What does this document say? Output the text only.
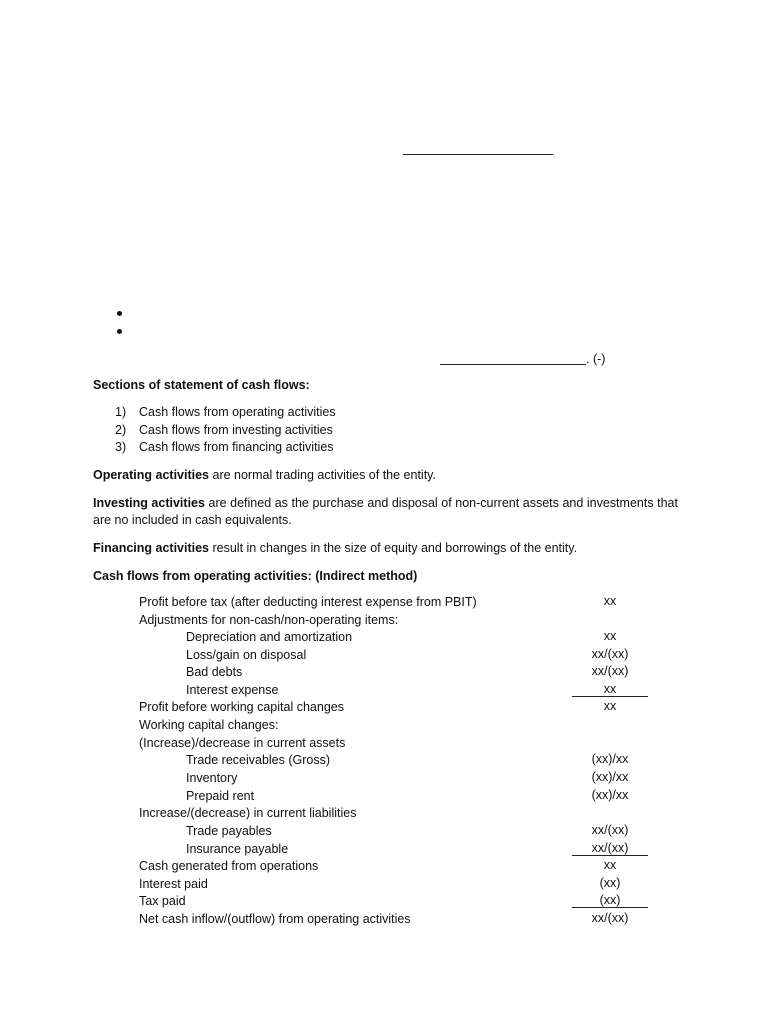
. (-)
Sections of statement of cash flows:
1) Cash flows from operating activities
2) Cash flows from investing activities
3) Cash flows from financing activities
Operating activities are normal trading activities of the entity.
Investing activities are defined as the purchase and disposal of non-current assets and investments that are no included in cash equivalents.
Financing activities result in changes in the size of equity and borrowings of the entity.
Cash flows from operating activities: (Indirect method)
Profit before tax (after deducting interest expense from PBIT)	xx
Adjustments for non-cash/non-operating items:
Depreciation and amortization	xx
Loss/gain on disposal	xx/(xx)
Bad debts	xx/(xx)
Interest expense	xx
Profit before working capital changes	xx
Working capital changes:
(Increase)/decrease in current assets
Trade receivables (Gross)	(xx)/xx
Inventory	(xx)/xx
Prepaid rent	(xx)/xx
Increase/(decrease) in current liabilities
Trade payables	xx/(xx)
Insurance payable	xx/(xx)
Cash generated from operations	xx
Interest paid	(xx)
Tax paid	(xx)
Net cash inflow/(outflow) from operating activities	xx/(xx)
